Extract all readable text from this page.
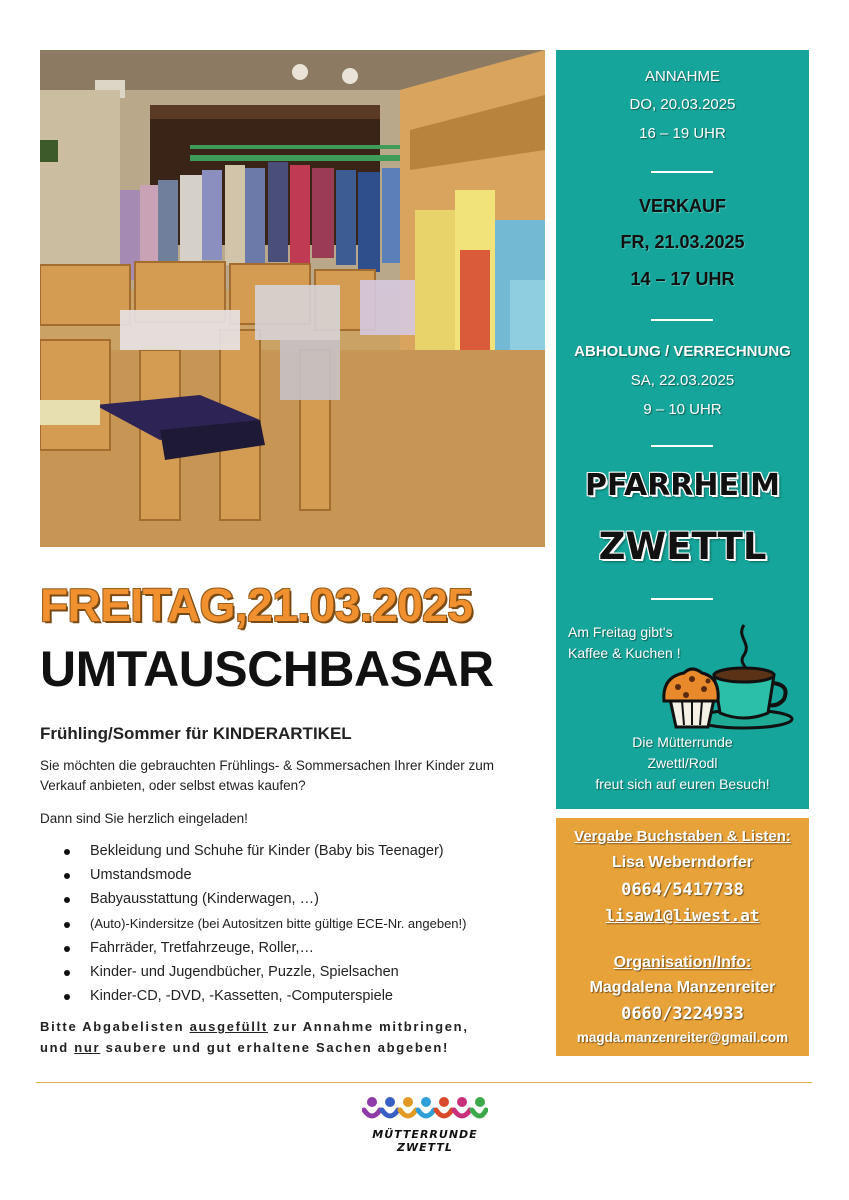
FREITAG,21.03.2025
UMTAUSCHBASAR
Frühling/Sommer für KINDERARTIKEL
Sie möchten die gebrauchten Frühlings- & Sommersachen Ihrer Kinder zum
Verkauf anbieten, oder selbst etwas kaufen?
Dann sind Sie herzlich eingeladen!
Bekleidung und Schuhe für Kinder (Baby bis Teenager)
Umstandsmode
Babyausstattung (Kinderwagen, …)
(Auto)-Kindersitze (bei Autositzen bitte gültige ECE-Nr. angeben!)
Fahrräder, Tretfahrzeuge, Roller,…
Kinder- und Jugendbücher, Puzzle, Spielsachen
Kinder-CD, -DVD, -Kassetten, -Computerspiele
Bitte Abgabelisten ausgefüllt zur Annahme mitbringen,
und nur saubere und gut erhaltene Sachen abgeben!
ANNAHME
DO, 20.03.2025
16 – 19 UHR
VERKAUF
FR, 21.03.2025
14 – 17 UHR
ABHOLUNG / VERRECHNUNG
SA, 22.03.2025
9 – 10 UHR
PFARRHEIM
ZWETTL
Am Freitag gibt's
Kaffee & Kuchen !
Die Mütterrunde
Zwettl/Rodl
freut sich auf euren Besuch!
Vergabe Buchstaben & Listen:
Lisa Weberndorfer
0664/5417738
lisaw1@liwest.at
Organisation/Info:
Magdalena Manzenreiter
0660/3224933
magda.manzenreiter@gmail.com
MÜTTERRUNDE
ZWETTL
